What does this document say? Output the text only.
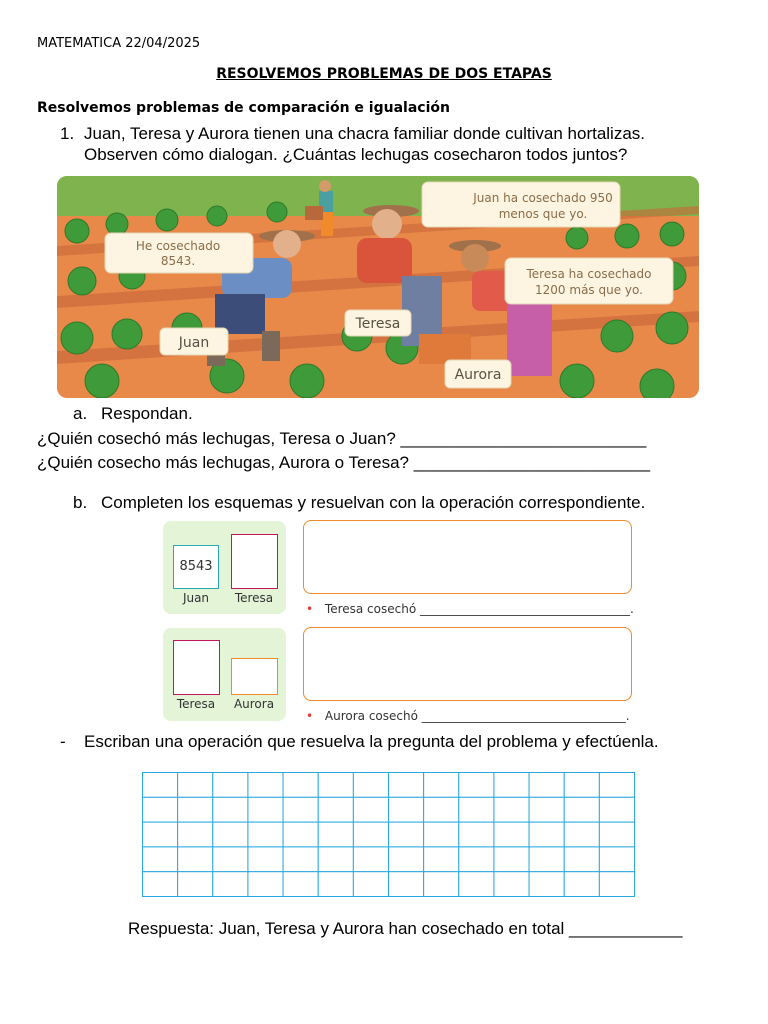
MATEMATICA 22/04/2025
RESOLVEMOS PROBLEMAS DE DOS ETAPAS
Resolvemos problemas de comparación e igualación
1. Juan, Teresa y Aurora tienen una chacra familiar donde cultivan hortalizas.
Observen cómo dialogan. ¿Cuántas lechugas cosecharon todos juntos?
He cosechado
8543.
Juan ha cosechado 950
menos que yo.
Teresa ha cosechado
1200 más que yo.
Juan
Teresa
Aurora
a. Respondan.
¿Quién cosechó más lechugas, Teresa o Juan? __________________________
¿Quién cosecho más lechugas, Aurora o Teresa? _________________________
b. Completen los esquemas y resuelvan con la operación correspondiente.
8543
Juan	Teresa
• Teresa cosechó ___________________________________.
Teresa	Aurora
• Aurora cosechó __________________________________.
- Escriban una operación que resuelva la pregunta del problema y efectúenla.
Respuesta: Juan, Teresa y Aurora han cosechado en total ____________
